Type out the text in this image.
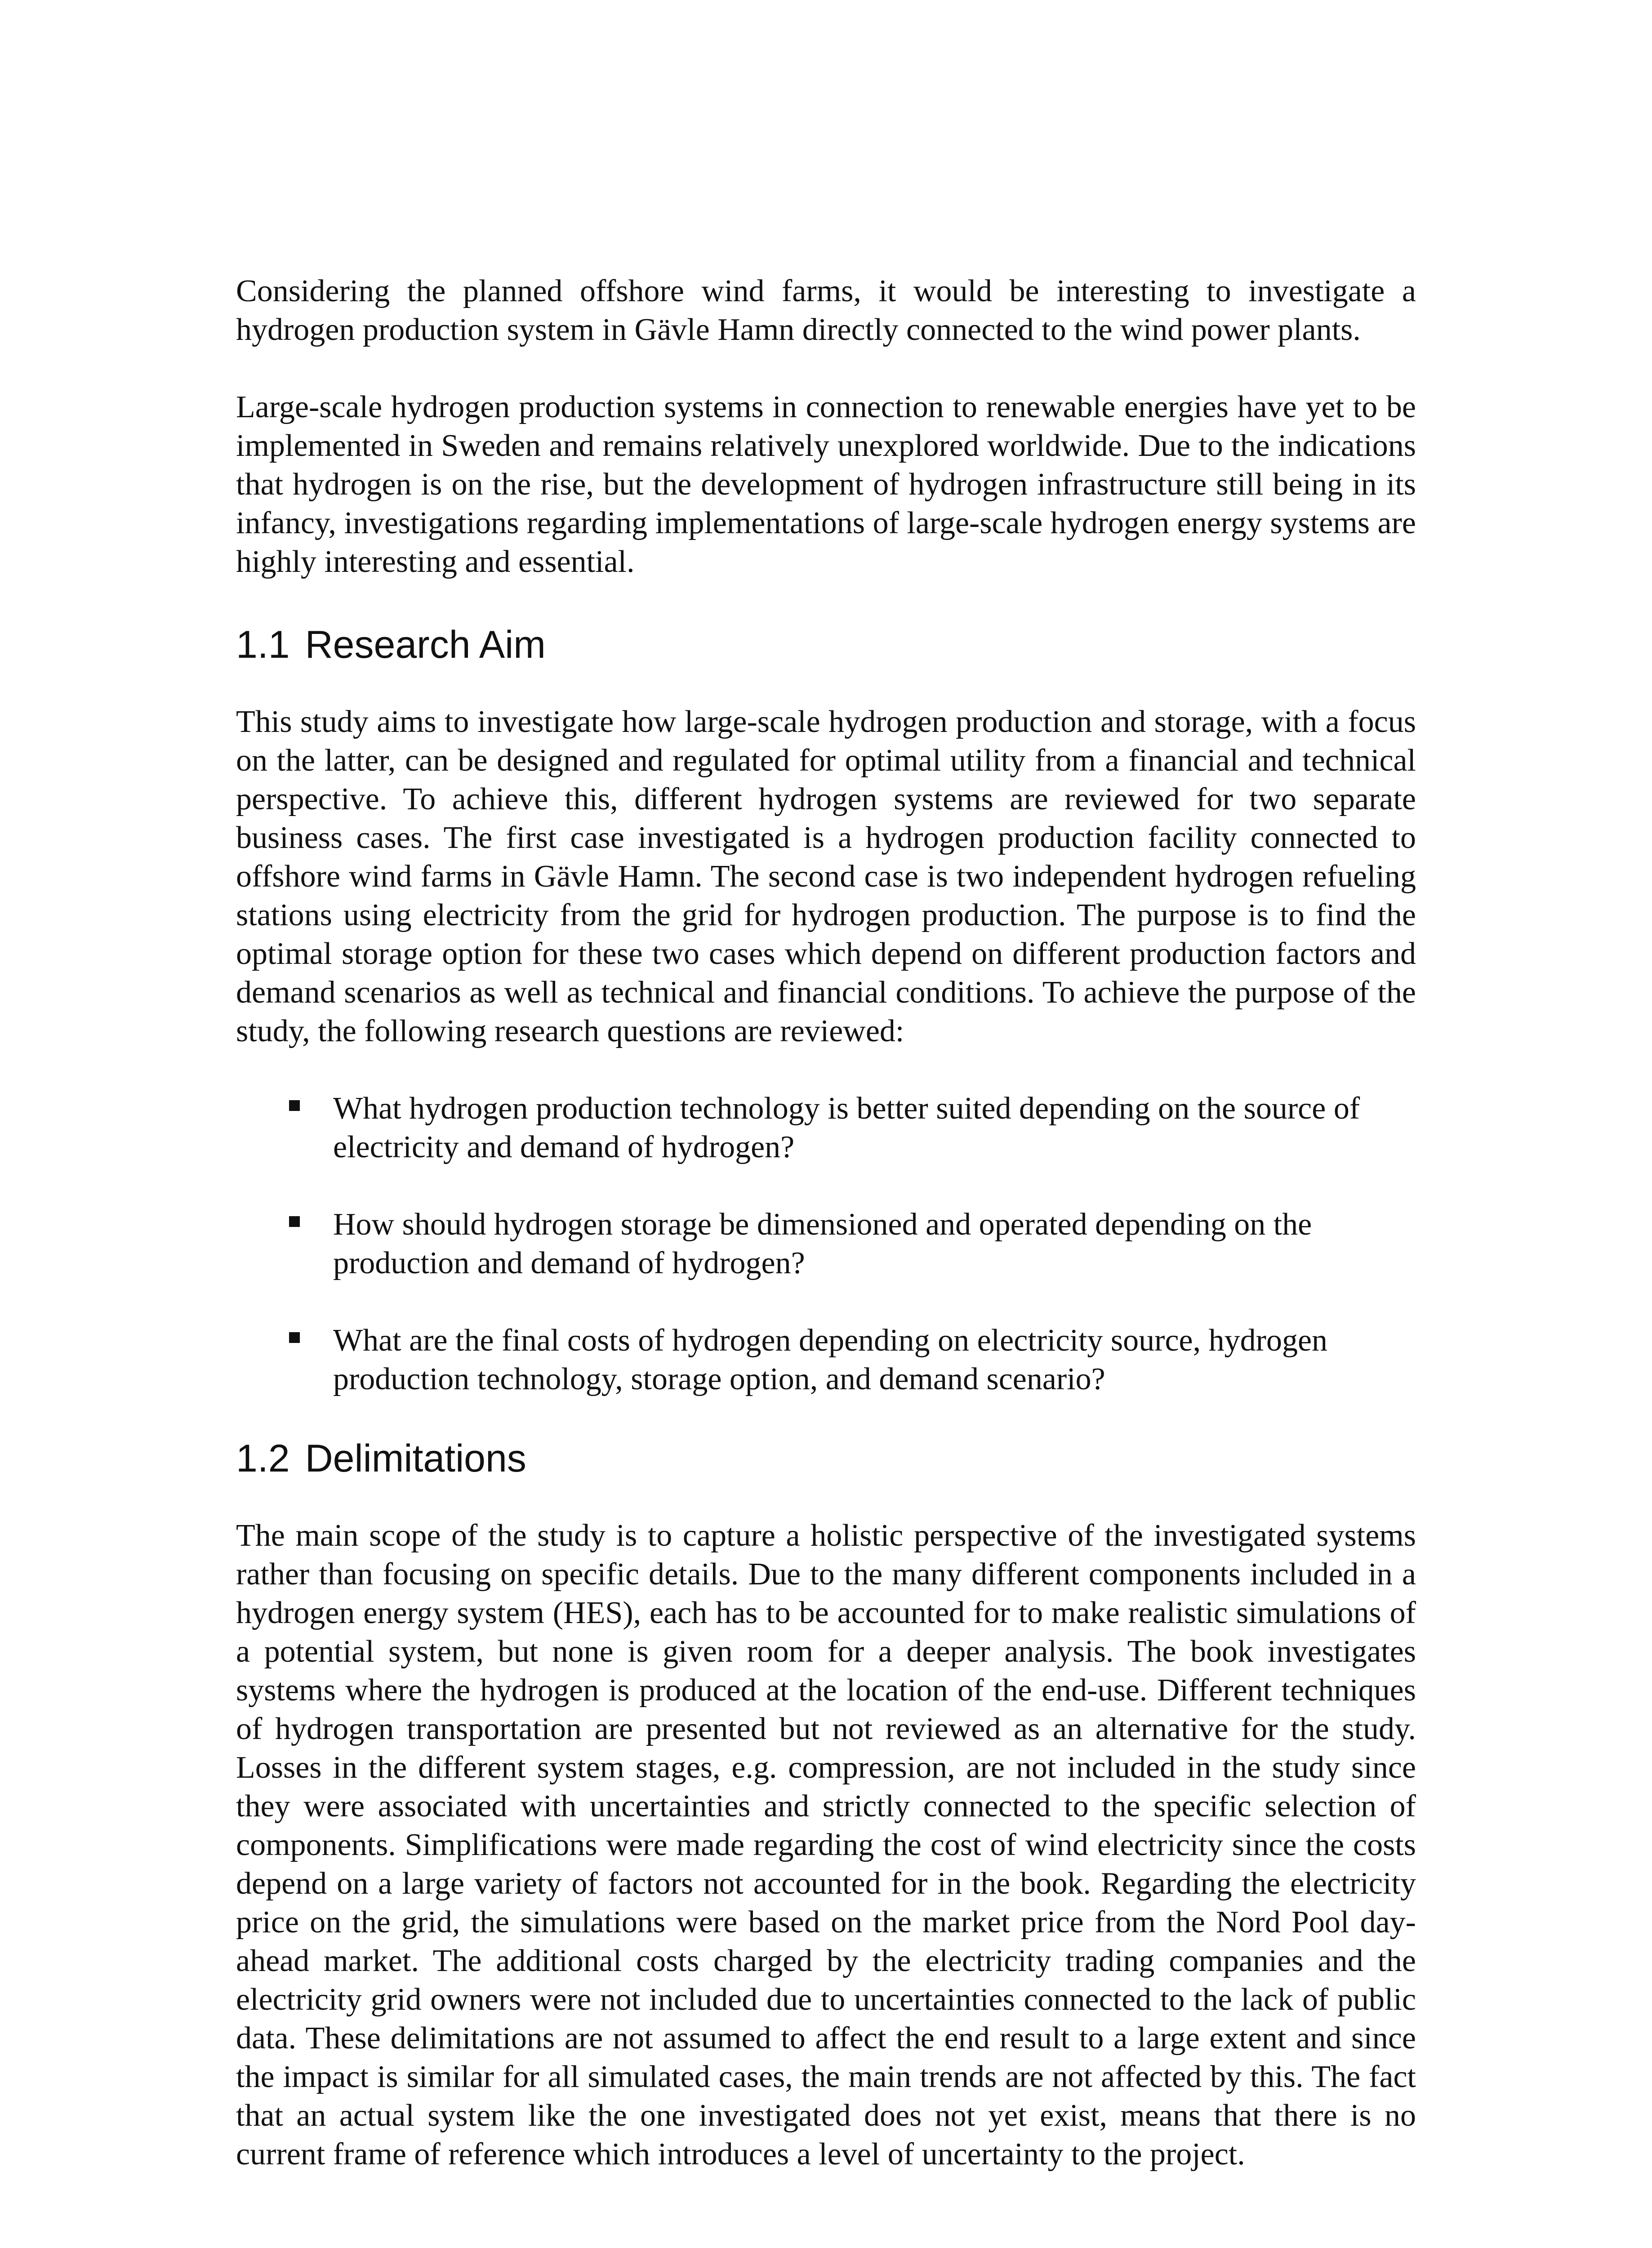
Considering the planned offshore wind farms, it would be interesting to investigate a hydrogen production system in Gävle Hamn directly connected to the wind power plants.

Large-scale hydrogen production systems in connection to renewable energies have yet to be implemented in Sweden and remains relatively unexplored worldwide. Due to the indications that hydrogen is on the rise, but the development of hydrogen infrastructure still being in its infancy, investigations regarding implementations of large-scale hydrogen energy systems are highly interesting and essential.

1.1 Research Aim

This study aims to investigate how large-scale hydrogen production and storage, with a focus on the latter, can be designed and regulated for optimal utility from a financial and technical perspective. To achieve this, different hydrogen systems are reviewed for two separate business cases. The first case investigated is a hydrogen production facility connected to offshore wind farms in Gävle Hamn. The second case is two independent hydrogen refueling stations using electricity from the grid for hydrogen production. The purpose is to find the optimal storage option for these two cases which depend on different production factors and demand scenarios as well as technical and financial conditions. To achieve the purpose of the study, the following research questions are reviewed:

What hydrogen production technology is better suited depending on the source of electricity and demand of hydrogen?
How should hydrogen storage be dimensioned and operated depending on the production and demand of hydrogen?
What are the final costs of hydrogen depending on electricity source, hydrogen production technology, storage option, and demand scenario?
1.2 Delimitations

The main scope of the study is to capture a holistic perspective of the investigated systems rather than focusing on specific details. Due to the many different components included in a hydrogen energy system (HES), each has to be accounted for to make realistic simulations of a potential system, but none is given room for a deeper analysis. The book investigates systems where the hydrogen is produced at the location of the end-use. Different techniques of hydrogen transportation are presented but not reviewed as an alternative for the study. Losses in the different system stages, e.g. compression, are not included in the study since they were associated with uncertainties and strictly connected to the specific selection of components. Simplifications were made regarding the cost of wind electricity since the costs depend on a large variety of factors not accounted for in the book. Regarding the electricity price on the grid, the simulations were based on the market price from the Nord Pool day-ahead market. The additional costs charged by the electricity trading companies and the electricity grid owners were not included due to uncertainties connected to the lack of public data. These delimitations are not assumed to affect the end result to a large extent and since the impact is similar for all simulated cases, the main trends are not affected by this. The fact that an actual system like the one investigated does not yet exist, means that there is no current frame of reference which introduces a level of uncertainty to the project.
